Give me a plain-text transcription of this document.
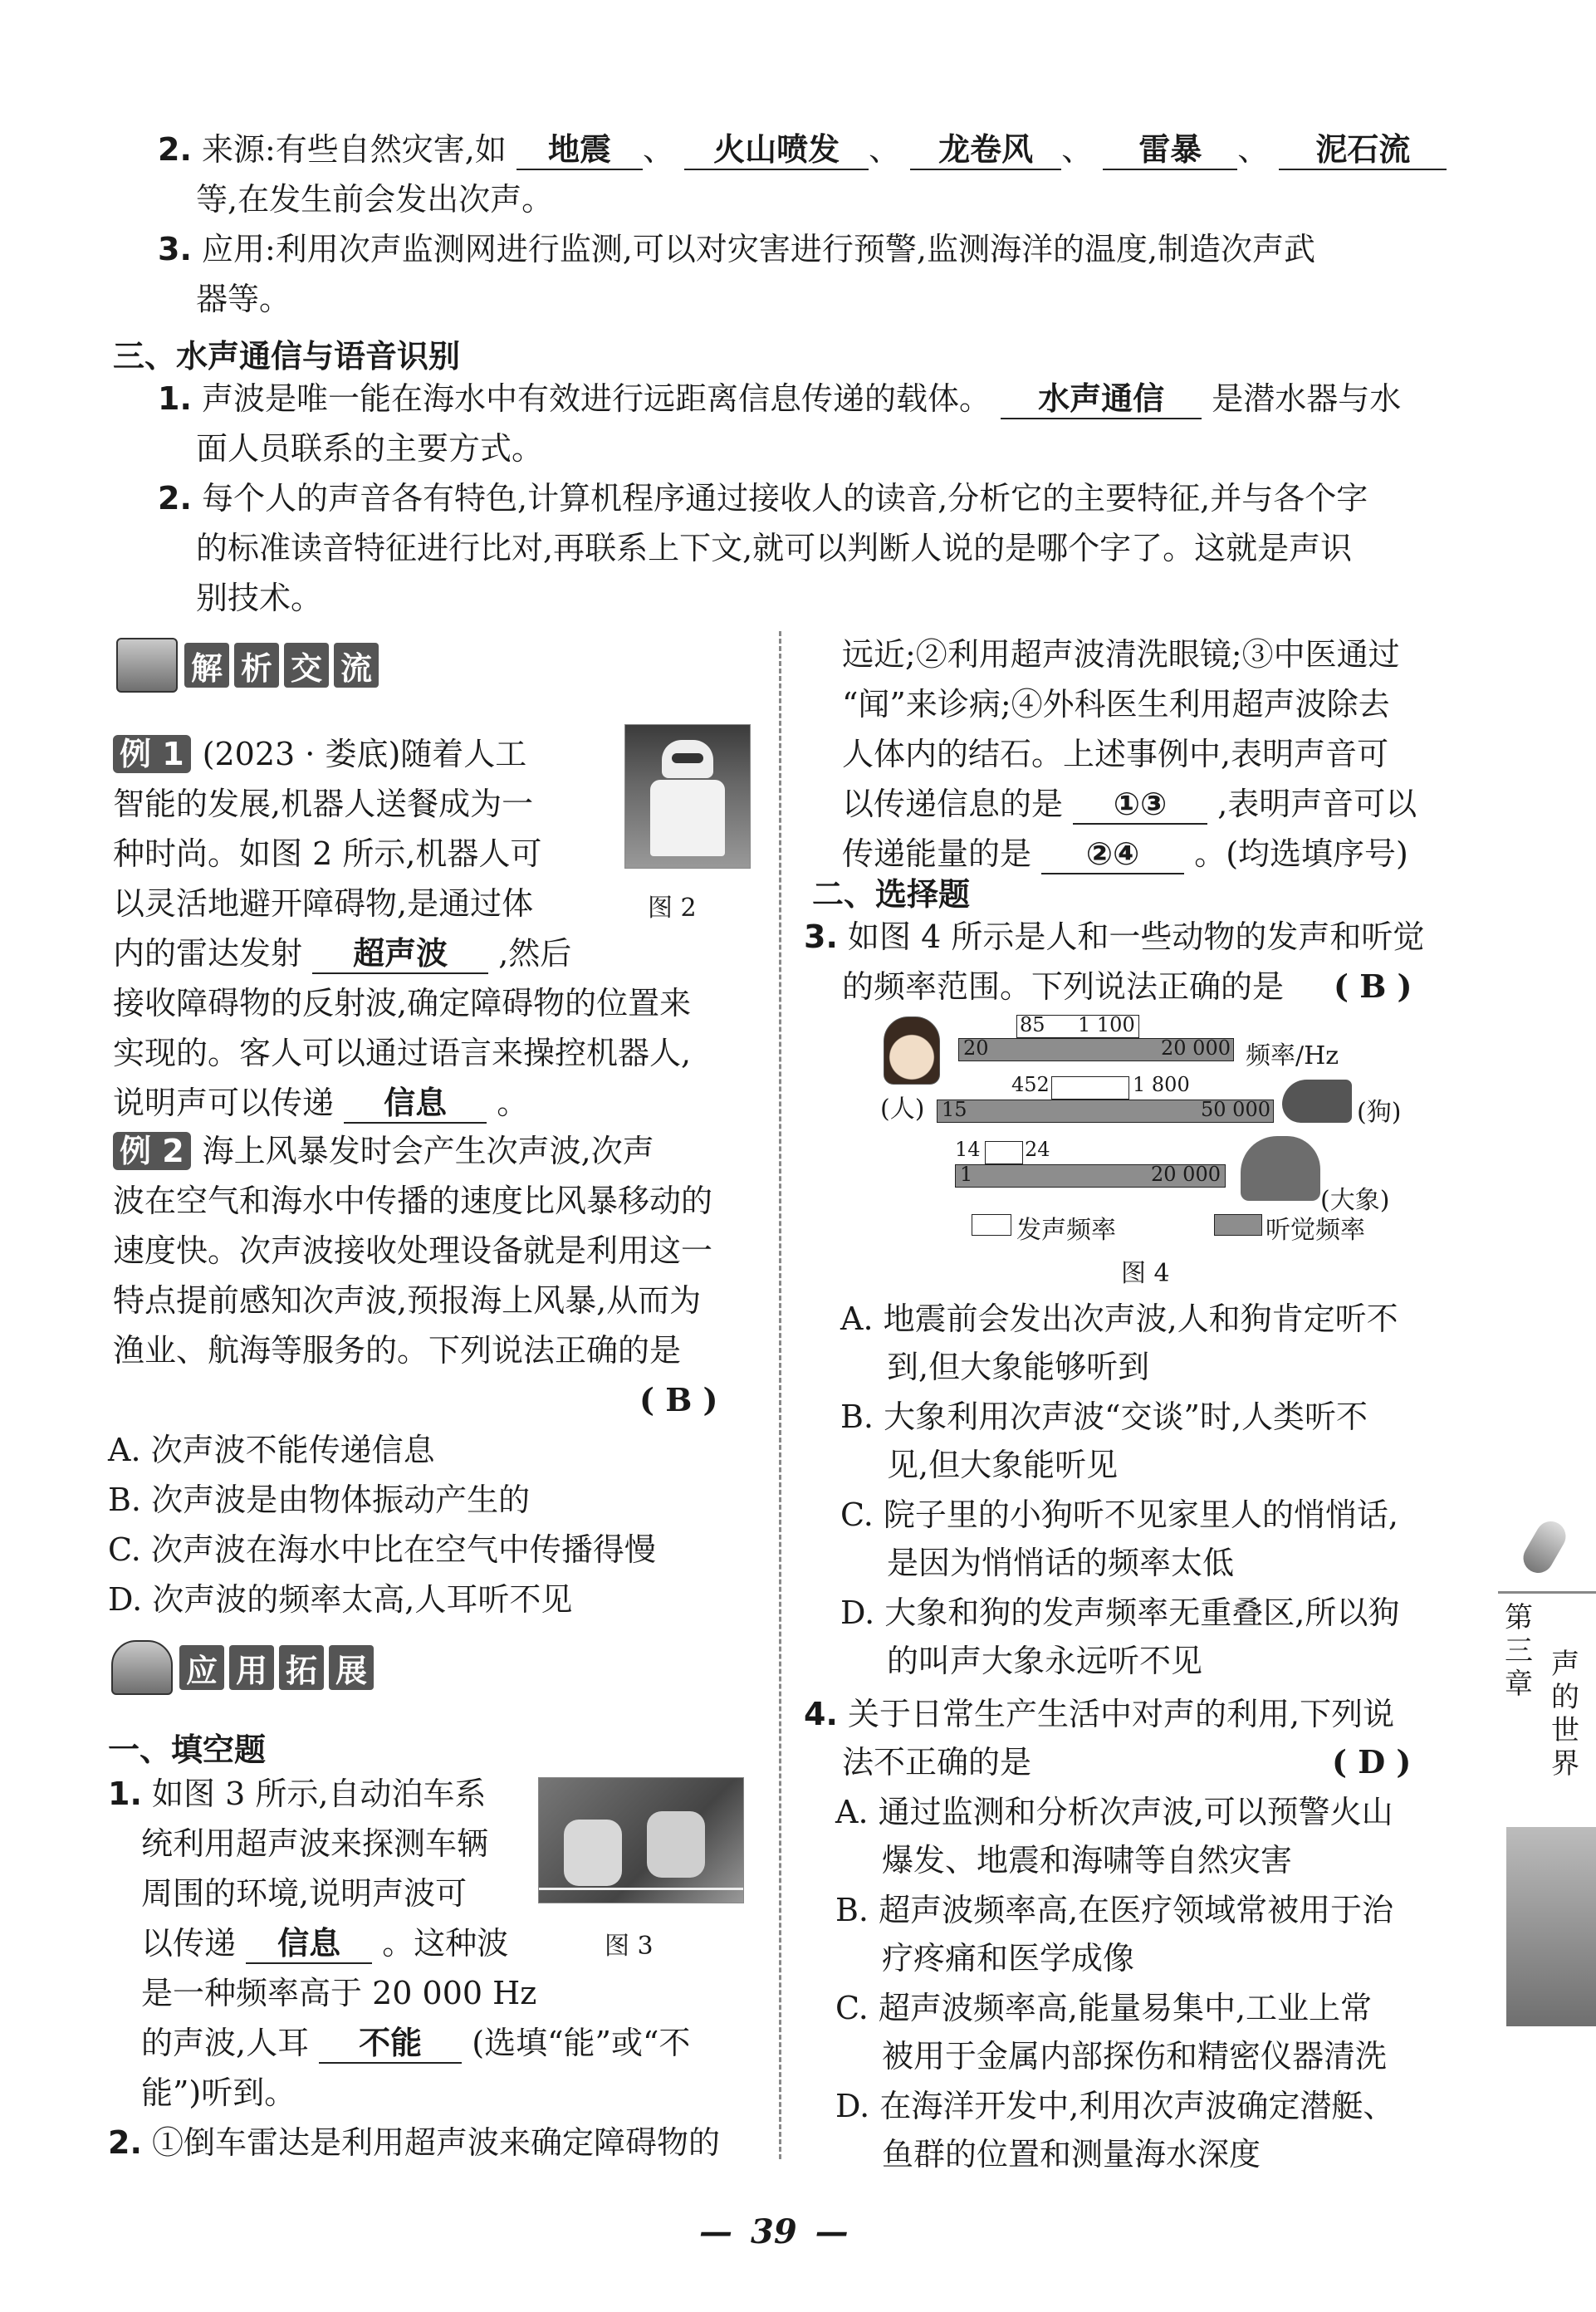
2. 来源:有些自然灾害,如 地震 、 火山喷发 、 龙卷风 、 雷暴 、 泥石流
等,在发生前会发出次声。
3. 应用:利用次声监测网进行监测,可以对灾害进行预警,监测海洋的温度,制造次声武
器等。
三、水声通信与语音识别
1. 声波是唯一能在海水中有效进行远距离信息传递的载体。 水声通信 是潜水器与水
面人员联系的主要方式。
2. 每个人的声音各有特色,计算机程序通过接收人的读音,分析它的主要特征,并与各个字
的标准读音特征进行比对,再联系上下文,就可以判断人说的是哪个字了。这就是声识
别技术。
解 析 交 流
例 1 (2023 · 娄底)随着人工
智能的发展,机器人送餐成为一
种时尚。如图 2 所示,机器人可
以灵活地避开障碍物,是通过体
内的雷达发射 超声波 ,然后
接收障碍物的反射波,确定障碍物的位置来
实现的。客人可以通过语言来操控机器人,
说明声可以传递 信息 。
图 2
例 2 海上风暴发时会产生次声波,次声
波在空气和海水中传播的速度比风暴移动的
速度快。次声波接收处理设备就是利用这一
特点提前感知次声波,预报海上风暴,从而为
渔业、航海等服务的。下列说法正确的是
( B )
A. 次声波不能传递信息
B. 次声波是由物体振动产生的
C. 次声波在海水中比在空气中传播得慢
D. 次声波的频率太高,人耳听不见
应 用 拓 展
一、填空题
1. 如图 3 所示,自动泊车系
统利用超声波来探测车辆
周围的环境,说明声波可
以传递 信息 。这种波
是一种频率高于 20 000 Hz
的声波,人耳 不能 (选填“能”或“不
能”)听到。
图 3
2. ①倒车雷达是利用超声波来确定障碍物的
远近;②利用超声波清洗眼镜;③中医通过
“闻”来诊病;④外科医生利用超声波除去
人体内的结石。上述事例中,表明声音可
以传递信息的是 ①③ ,表明声音可以
传递能量的是 ②④ 。(均选填序号)
二、选择题
3. 如图 4 所示是人和一些动物的发声和听觉
的频率范围。下列说法正确的是 ( B )
(人)
85 1 100
20	20 000 频率/Hz
452	1 800
15	50 000	(狗)
14 24
1	20 000
(大象)
发声频率	听觉频率
图 4
A. 地震前会发出次声波,人和狗肯定听不
到,但大象能够听到
B. 大象利用次声波“交谈”时,人类听不
见,但大象能听见
C. 院子里的小狗听不见家里人的悄悄话,
是因为悄悄话的频率太低
D. 大象和狗的发声频率无重叠区,所以狗
的叫声大象永远听不见
4. 关于日常生产生活中对声的利用,下列说
法不正确的是	( D )
A. 通过监测和分析次声波,可以预警火山
爆发、地震和海啸等自然灾害
B. 超声波频率高,在医疗领域常被用于治
疗疼痛和医学成像
C. 超声波频率高,能量易集中,工业上常
被用于金属内部探伤和精密仪器清洗
D. 在海洋开发中,利用次声波确定潜艇、
鱼群的位置和测量海水深度
第
三
章
声
的
世
界
— 39 —
